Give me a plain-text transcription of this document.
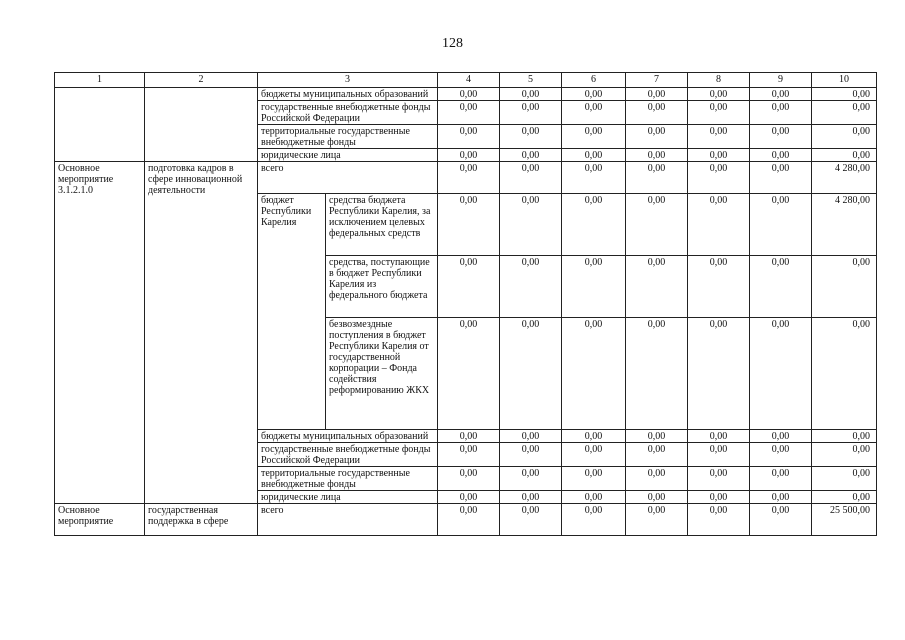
128
1	2	3		4	5	6	7	8	9	10
		бюджеты муниципальных образований		0,00	0,00	0,00	0,00	0,00	0,00	0,00
		государственные внебюджетные фонды Российской Федерации		0,00	0,00	0,00	0,00	0,00	0,00	0,00
		территориальные государственные внебюджетные фонды		0,00	0,00	0,00	0,00	0,00	0,00	0,00
		юридические лица		0,00	0,00	0,00	0,00	0,00	0,00	0,00
Основное мероприятие 3.1.2.1.0	подготовка кадров в сфере инновационной деятельности	всего		0,00	0,00	0,00	0,00	0,00	0,00	4 280,00
		бюджет Республики Карелия	средства бюджета Республики Карелия, за исключением целевых федеральных средств	0,00	0,00	0,00	0,00	0,00	0,00	4 280,00
			средства, поступающие в бюджет Республики Карелия из федерального бюджета	0,00	0,00	0,00	0,00	0,00	0,00	0,00
			безвозмездные поступления в бюджет Республики Карелия от государственной корпорации – Фонда содействия реформированию ЖКХ	0,00	0,00	0,00	0,00	0,00	0,00	0,00
		бюджеты муниципальных образований		0,00	0,00	0,00	0,00	0,00	0,00	0,00
		государственные внебюджетные фонды Российской Федерации		0,00	0,00	0,00	0,00	0,00	0,00	0,00
		территориальные государственные внебюджетные фонды		0,00	0,00	0,00	0,00	0,00	0,00	0,00
		юридические лица		0,00	0,00	0,00	0,00	0,00	0,00	0,00
Основное мероприятие	государственная поддержка в сфере	всего		0,00	0,00	0,00	0,00	0,00	0,00	25 500,00
